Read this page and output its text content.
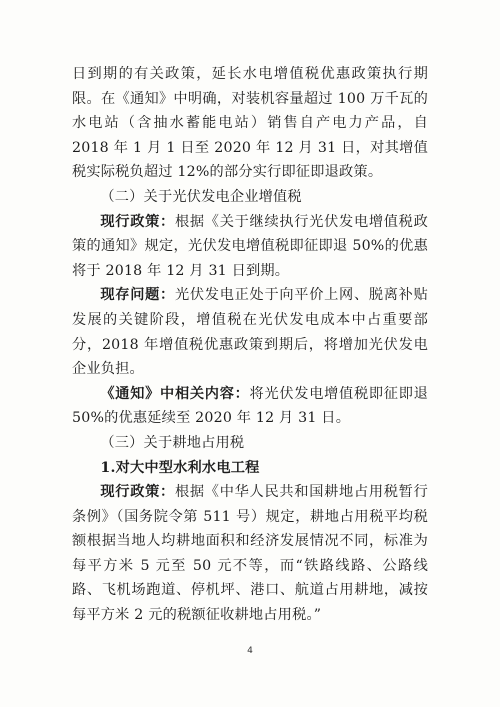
日到期的有关政策，延长水电增值税优惠政策执行期限。在《通知》中明确，对装机容量超过 100 万千瓦的水电站（含抽水蓄能电站）销售自产电力产品，自 2018 年 1 月 1 日至 2020 年 12 月 31 日，对其增值税实际税负超过 12%的部分实行即征即退政策。

（二）关于光伏发电企业增值税

现行政策：根据《关于继续执行光伏发电增值税政策的通知》规定，光伏发电增值税即征即退 50%的优惠将于 2018 年 12 月 31 日到期。

现存问题：光伏发电正处于向平价上网、脱离补贴发展的关键阶段，增值税在光伏发电成本中占重要部分，2018 年增值税优惠政策到期后，将增加光伏发电企业负担。

《通知》中相关内容：将光伏发电增值税即征即退 50%的优惠延续至 2020 年 12 月 31 日。

（三）关于耕地占用税

1.对大中型水利水电工程

现行政策：根据《中华人民共和国耕地占用税暂行条例》（国务院令第 511 号）规定，耕地占用税平均税额根据当地人均耕地面积和经济发展情况不同，标准为每平方米 5 元至 50 元不等，而“铁路线路、公路线路、飞机场跑道、停机坪、港口、航道占用耕地，减按每平方米 2 元的税额征收耕地占用税。”

4
